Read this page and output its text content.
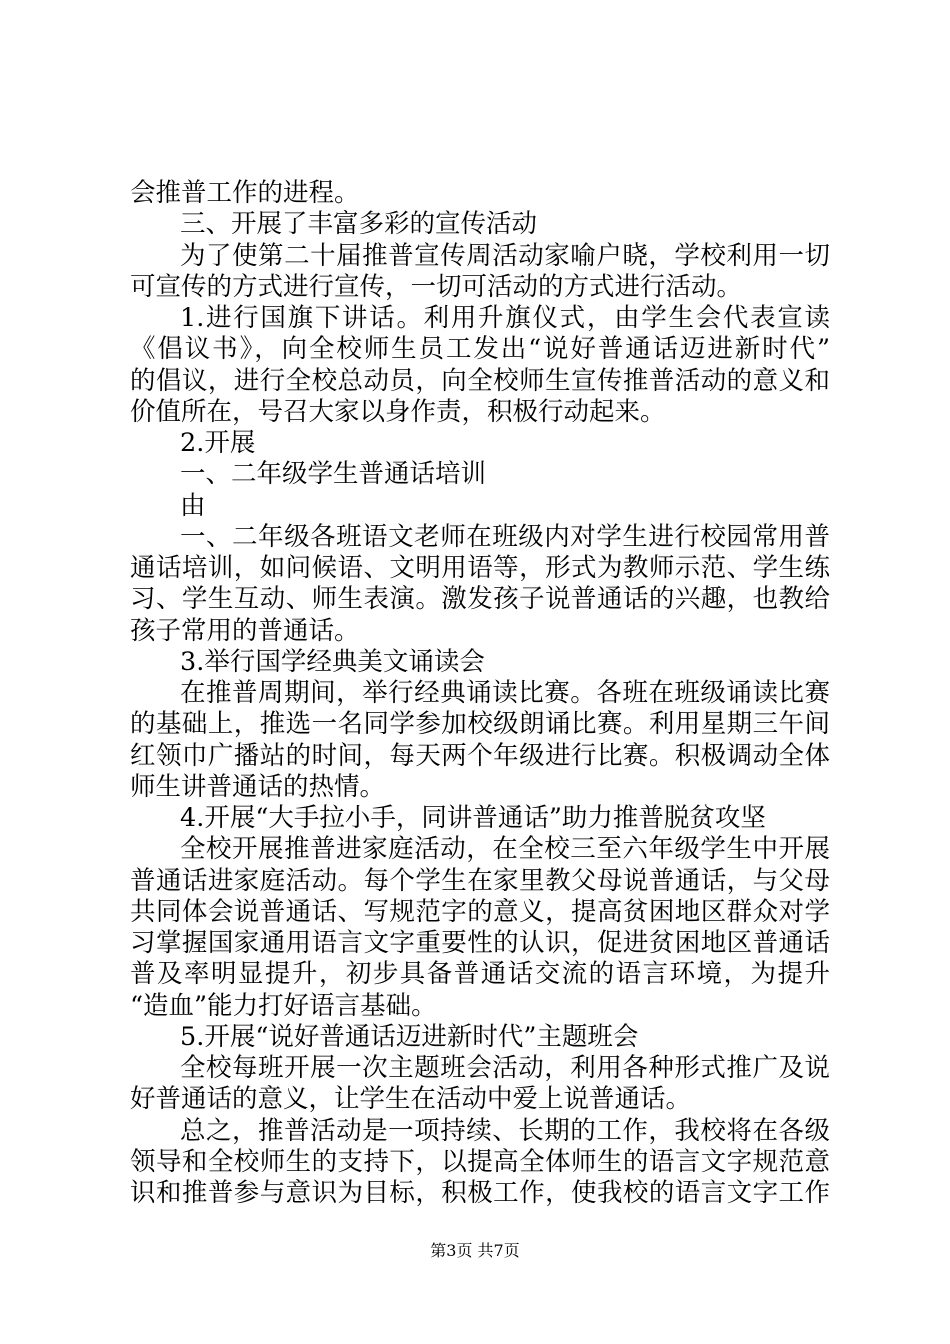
会推普工作的进程。
三、开展了丰富多彩的宣传活动
为了使第二十届推普宣传周活动家喻户晓，学校利用一切
可宣传的方式进行宣传，一切可活动的方式进行活动。
1.进行国旗下讲话。利用升旗仪式，由学生会代表宣读
《倡议书》，向全校师生员工发出“说好普通话迈进新时代”
的倡议，进行全校总动员，向全校师生宣传推普活动的意义和
价值所在，号召大家以身作责，积极行动起来。
2.开展
一、二年级学生普通话培训
由
一、二年级各班语文老师在班级内对学生进行校园常用普
通话培训，如问候语、文明用语等，形式为教师示范、学生练
习、学生互动、师生表演。激发孩子说普通话的兴趣，也教给
孩子常用的普通话。
3.举行国学经典美文诵读会
在推普周期间，举行经典诵读比赛。各班在班级诵读比赛
的基础上，推选一名同学参加校级朗诵比赛。利用星期三午间
红领巾广播站的时间，每天两个年级进行比赛。积极调动全体
师生讲普通话的热情。
4.开展“大手拉小手，同讲普通话”助力推普脱贫攻坚
全校开展推普进家庭活动，在全校三至六年级学生中开展
普通话进家庭活动。每个学生在家里教父母说普通话，与父母
共同体会说普通话、写规范字的意义，提高贫困地区群众对学
习掌握国家通用语言文字重要性的认识，促进贫困地区普通话
普及率明显提升，初步具备普通话交流的语言环境，为提升
“造血”能力打好语言基础。
5.开展“说好普通话迈进新时代”主题班会
全校每班开展一次主题班会活动，利用各种形式推广及说
好普通话的意义，让学生在活动中爱上说普通话。
总之，推普活动是一项持续、长期的工作，我校将在各级
领导和全校师生的支持下，以提高全体师生的语言文字规范意
识和推普参与意识为目标，积极工作，使我校的语言文字工作
第3页 共7页
